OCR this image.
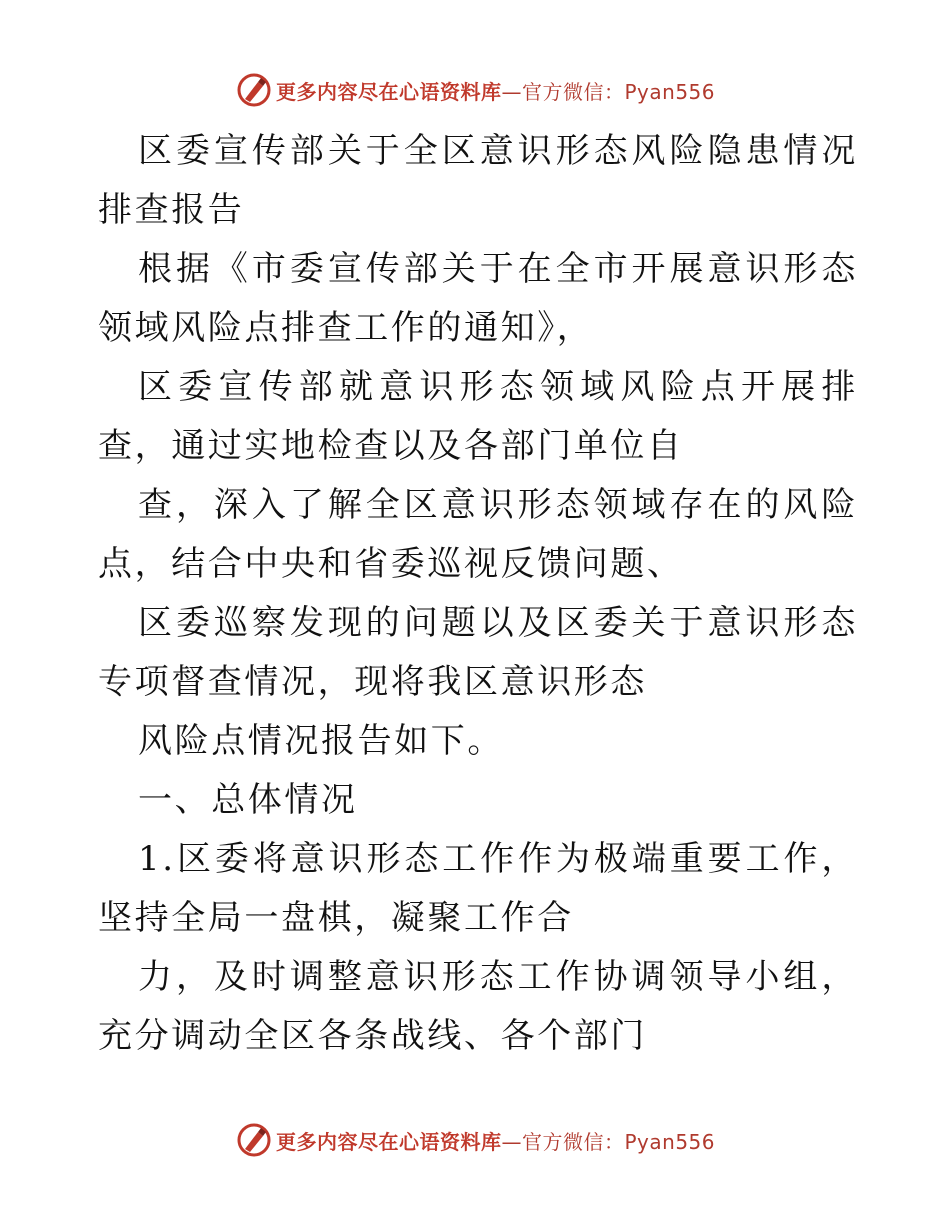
更多内容尽在心语资料库—官方微信：Pyan556

区委宣传部关于全区意识形态风险隐患情况排查报告

根据《市委宣传部关于在全市开展意识形态领域风险点排查工作的通知》，

区委宣传部就意识形态领域风险点开展排查，通过实地检查以及各部门单位自

查，深入了解全区意识形态领域存在的风险点，结合中央和省委巡视反馈问题、

区委巡察发现的问题以及区委关于意识形态专项督查情况，现将我区意识形态

风险点情况报告如下。

一、总体情况

1.区委将意识形态工作作为极端重要工作，坚持全局一盘棋，凝聚工作合

力，及时调整意识形态工作协调领导小组，充分调动全区各条战线、各个部门

更多内容尽在心语资料库—官方微信：Pyan556
